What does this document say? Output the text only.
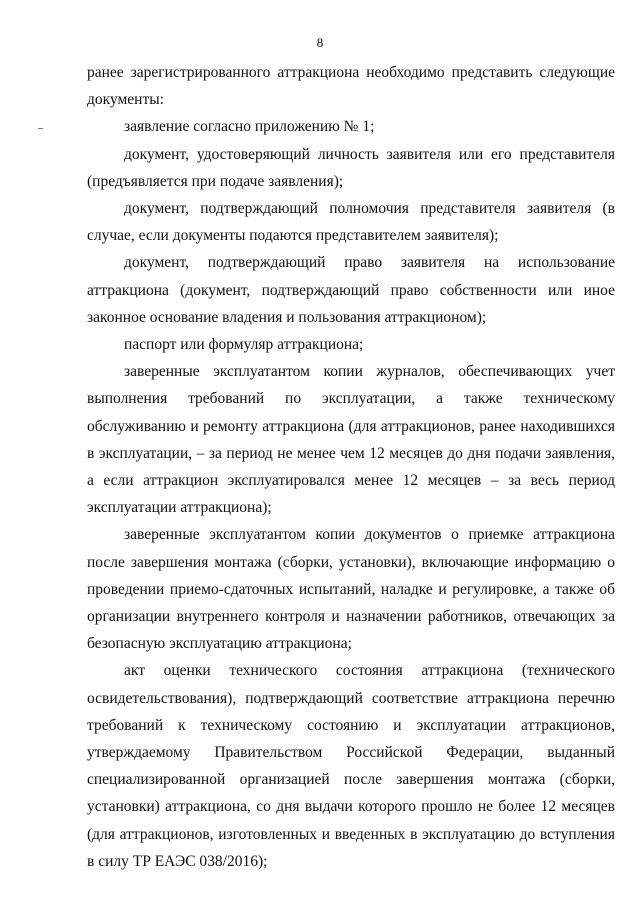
8

ранее зарегистрированного аттракциона необходимо представить следующие документы:

заявление согласно приложению № 1;

документ, удостоверяющий личность заявителя или его представителя (предъявляется при подаче заявления);

документ, подтверждающий полномочия представителя заявителя (в случае, если документы подаются представителем заявителя);

документ, подтверждающий право заявителя на использование аттракциона (документ, подтверждающий право собственности или иное законное основание владения и пользования аттракционом);

паспорт или формуляр аттракциона;

заверенные эксплуатантом копии журналов, обеспечивающих учет выполнения требований по эксплуатации, а также техническому обслуживанию и ремонту аттракциона (для аттракционов, ранее находившихся в эксплуатации, – за период не менее чем 12 месяцев до дня подачи заявления, а если аттракцион эксплуатировался менее 12 месяцев – за весь период эксплуатации аттракциона);

заверенные эксплуатантом копии документов о приемке аттракциона после завершения монтажа (сборки, установки), включающие информацию о проведении приемо-сдаточных испытаний, наладке и регулировке, а также об организации внутреннего контроля и назначении работников, отвечающих за безопасную эксплуатацию аттракциона;

акт оценки технического состояния аттракциона (технического освидетельствования), подтверждающий соответствие аттракциона перечню требований к техническому состоянию и эксплуатации аттракционов, утверждаемому Правительством Российской Федерации, выданный специализированной организацией после завершения монтажа (сборки, установки) аттракциона, со дня выдачи которого прошло не более 12 месяцев (для аттракционов, изготовленных и введенных в эксплуатацию до вступления в силу ТР ЕАЭС 038/2016);
